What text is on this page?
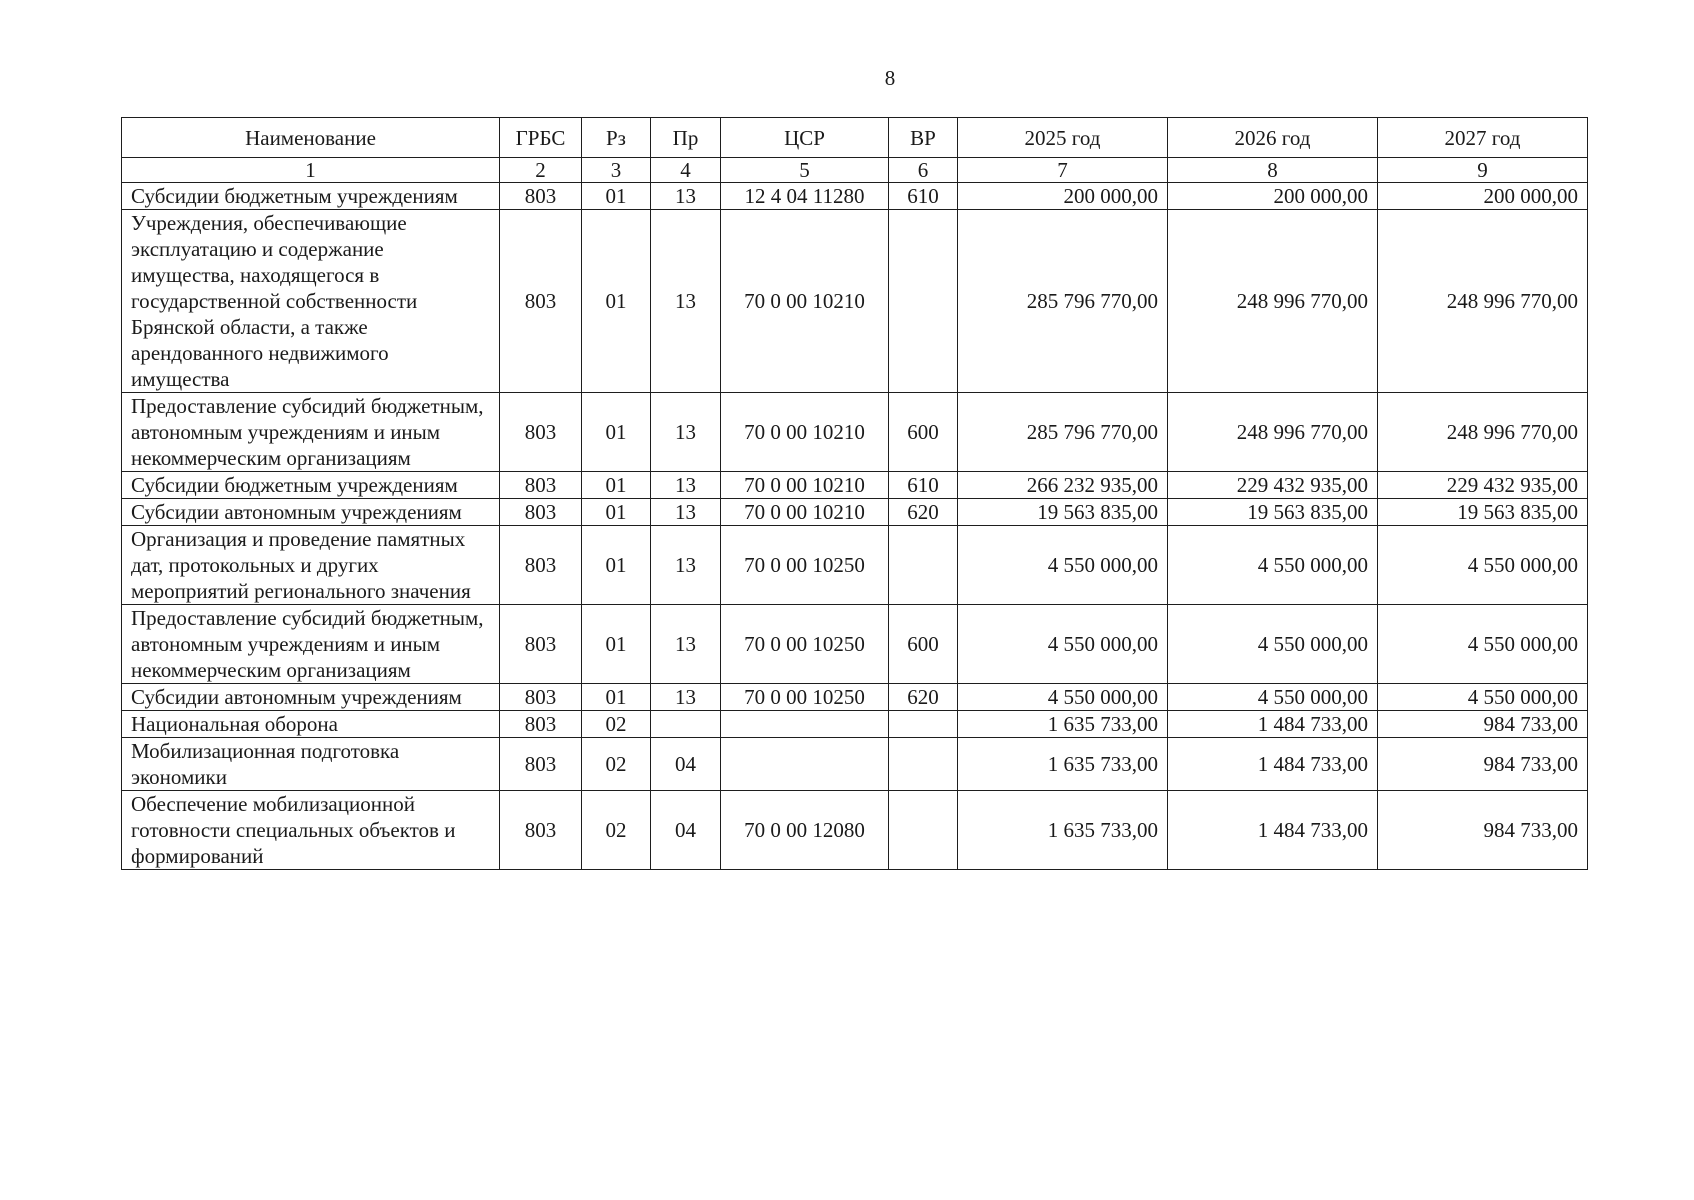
8
Наименование	ГРБС	Рз	Пр	ЦСР	ВР	2025 год	2026 год	2027 год
1	2	3	4	5	6	7	8	9
Субсидии бюджетным учреждениям	803	01	13	12 4 04 11280	610	200 000,00	200 000,00	200 000,00
Учреждения, обеспечивающие эксплуатацию и содержание имущества, находящегося в государственной собственности Брянской области, а также арендованного недвижимого имущества	803	01	13	70 0 00 10210		285 796 770,00	248 996 770,00	248 996 770,00
Предоставление субсидий бюджетным, автономным учреждениям и иным некоммерческим организациям	803	01	13	70 0 00 10210	600	285 796 770,00	248 996 770,00	248 996 770,00
Субсидии бюджетным учреждениям	803	01	13	70 0 00 10210	610	266 232 935,00	229 432 935,00	229 432 935,00
Субсидии автономным учреждениям	803	01	13	70 0 00 10210	620	19 563 835,00	19 563 835,00	19 563 835,00
Организация и проведение памятных дат, протокольных и других мероприятий регионального значения	803	01	13	70 0 00 10250		4 550 000,00	4 550 000,00	4 550 000,00
Предоставление субсидий бюджетным, автономным учреждениям и иным некоммерческим организациям	803	01	13	70 0 00 10250	600	4 550 000,00	4 550 000,00	4 550 000,00
Субсидии автономным учреждениям	803	01	13	70 0 00 10250	620	4 550 000,00	4 550 000,00	4 550 000,00
Национальная оборона	803	02				1 635 733,00	1 484 733,00	984 733,00
Мобилизационная подготовка экономики	803	02	04			1 635 733,00	1 484 733,00	984 733,00
Обеспечение мобилизационной готовности специальных объектов и формирований	803	02	04	70 0 00 12080		1 635 733,00	1 484 733,00	984 733,00
